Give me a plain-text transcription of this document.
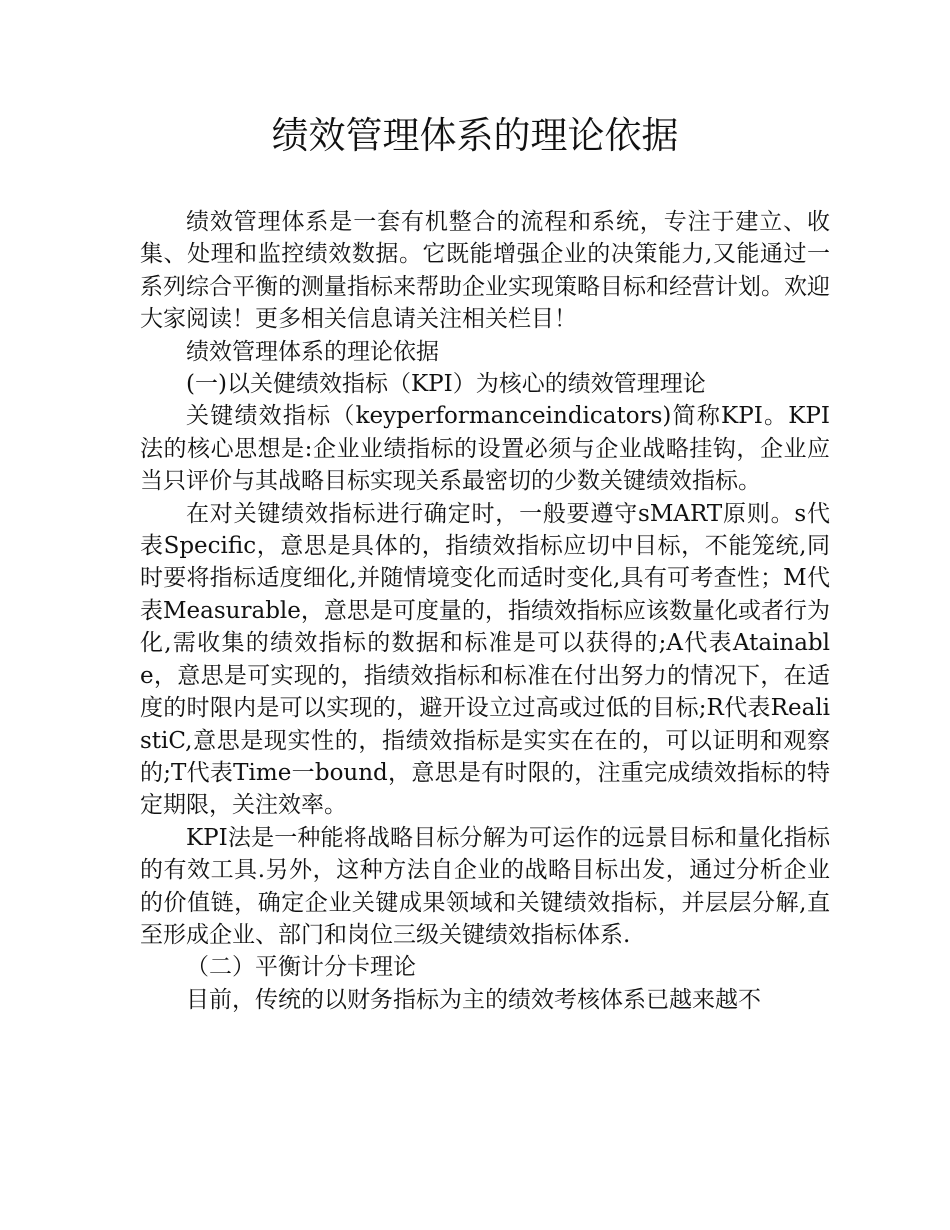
绩效管理体系的理论依据

绩效管理体系是一套有机整合的流程和系统，专注于建立、收集、处理和监控绩效数据。它既能增强企业的决策能力,又能通过一系列综合平衡的测量指标来帮助企业实现策略目标和经营计划。欢迎大家阅读！更多相关信息请关注相关栏目！

绩效管理体系的理论依据

(一)以关健绩效指标（KPI）为核心的绩效管理理论

关键绩效指标（keyperformanceindicators)简称KPI。KPI法的核心思想是:企业业绩指标的设置必须与企业战略挂钩，企业应当只评价与其战略目标实现关系最密切的少数关键绩效指标。

在对关键绩效指标进行确定时，一般要遵守sMART原则。s代表Specific，意思是具体的，指绩效指标应切中目标，不能笼统,同时要将指标适度细化,并随情境变化而适时变化,具有可考查性；M代表Measurable，意思是可度量的，指绩效指标应该数量化或者行为化,需收集的绩效指标的数据和标准是可以获得的;A代表Atainable，意思是可实现的，指绩效指标和标准在付出努力的情况下，在适度的时限内是可以实现的，避开设立过高或过低的目标;R代表RealistiC,意思是现实性的，指绩效指标是实实在在的，可以证明和观察的;T代表Time一bound，意思是有时限的，注重完成绩效指标的特定期限，关注效率。

KPI法是一种能将战略目标分解为可运作的远景目标和量化指标的有效工具.另外，这种方法自企业的战略目标出发，通过分析企业的价值链，确定企业关键成果领域和关键绩效指标，并层层分解,直至形成企业、部门和岗位三级关键绩效指标体系.

（二）平衡计分卡理论

目前，传统的以财务指标为主的绩效考核体系已越来越不
